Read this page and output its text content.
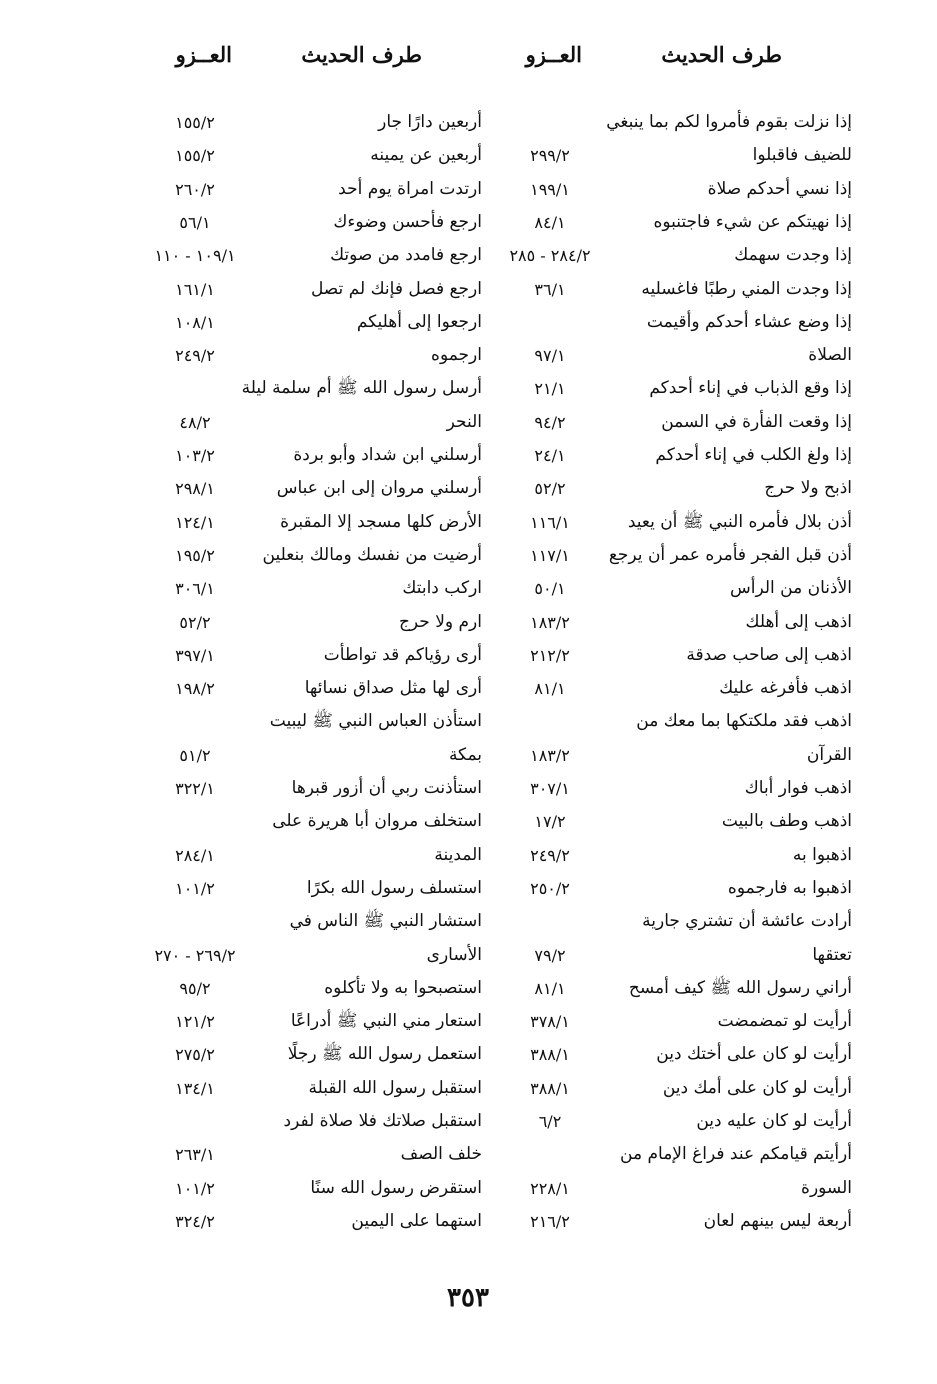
طرف الحديث
العــزو
طرف الحديث
العــزو
إذا نزلت بقوم فأمروا لكم بما ينبغي
أربعين دارًا جار
١٥٥/٢
للضيف فاقبلوا
٢٩٩/٢
أربعين عن يمينه
١٥٥/٢
إذا نسي أحدكم صلاة
١٩٩/١
ارتدت امراة يوم أحد
٢٦٠/٢
إذا نهيتكم عن شيء فاجتنبوه
٨٤/١
ارجع فأحسن وضوءك
٥٦/١
إذا وجدت سهمك
٢٨٤/٢ - ٢٨٥
ارجع فامدد من صوتك
١٠٩/١ - ١١٠
إذا وجدت المني رطبًا فاغسليه
٣٦/١
ارجع فصل فإنك لم تصل
١٦١/١
إذا وضع عشاء أحدكم وأقيمت
ارجعوا إلى أهليكم
١٠٨/١
الصلاة
٩٧/١
ارجموه
٢٤٩/٢
إذا وقع الذباب في إناء أحدكم
٢١/١
أرسل رسول الله ﷺ أم سلمة ليلة
إذا وقعت الفأرة في السمن
٩٤/٢
النحر
٤٨/٢
إذا ولغ الكلب في إناء أحدكم
٢٤/١
أرسلني ابن شداد وأبو بردة
١٠٣/٢
اذبح ولا حرج
٥٢/٢
أرسلني مروان إلى ابن عباس
٢٩٨/١
أذن بلال فأمره النبي ﷺ أن يعيد
١١٦/١
الأرض كلها مسجد إلا المقبرة
١٢٤/١
أذن قبل الفجر فأمره عمر أن يرجع
١١٧/١
أرضيت من نفسك ومالك بنعلين
١٩٥/٢
الأذنان من الرأس
٥٠/١
اركب دابتك
٣٠٦/١
اذهب إلى أهلك
١٨٣/٢
ارم ولا حرج
٥٢/٢
اذهب إلى صاحب صدقة
٢١٢/٢
أرى رؤياكم قد تواطأت
٣٩٧/١
اذهب فأفرغه عليك
٨١/١
أرى لها مثل صداق نسائها
١٩٨/٢
اذهب فقد ملكتكها بما معك من
استأذن العباس النبي ﷺ ليبيت
القرآن
١٨٣/٢
بمكة
٥١/٢
اذهب فوار أباك
٣٠٧/١
استأذنت ربي أن أزور قبرها
٣٢٢/١
اذهب وطف بالبيت
١٧/٢
استخلف مروان أبا هريرة على
اذهبوا به
٢٤٩/٢
المدينة
٢٨٤/١
اذهبوا به فارجموه
٢٥٠/٢
استسلف رسول الله بكرًا
١٠١/٢
أرادت عائشة أن تشتري جارية
استشار النبي ﷺ الناس في
تعتقها
٧٩/٢
الأسارى
٢٦٩/٢ - ٢٧٠
أراني رسول الله ﷺ كيف أمسح
٨١/١
استصبحوا به ولا تأكلوه
٩٥/٢
أرأيت لو تمضمضت
٣٧٨/١
استعار مني النبي ﷺ أدراعًا
١٢١/٢
أرأيت لو كان على أختك دين
٣٨٨/١
استعمل رسول الله ﷺ رجلًا
٢٧٥/٢
أرأيت لو كان على أمك دين
٣٨٨/١
استقبل رسول الله القبلة
١٣٤/١
أرأيت لو كان عليه دين
٦/٢
استقبل صلاتك فلا صلاة لفرد
أرأيتم قيامكم عند فراغ الإمام من
خلف الصف
٢٦٣/١
السورة
٢٢٨/١
استقرض رسول الله سنًا
١٠١/٢
أربعة ليس بينهم لعان
٢١٦/٢
استهما على اليمين
٣٢٤/٢
٣٥٣
